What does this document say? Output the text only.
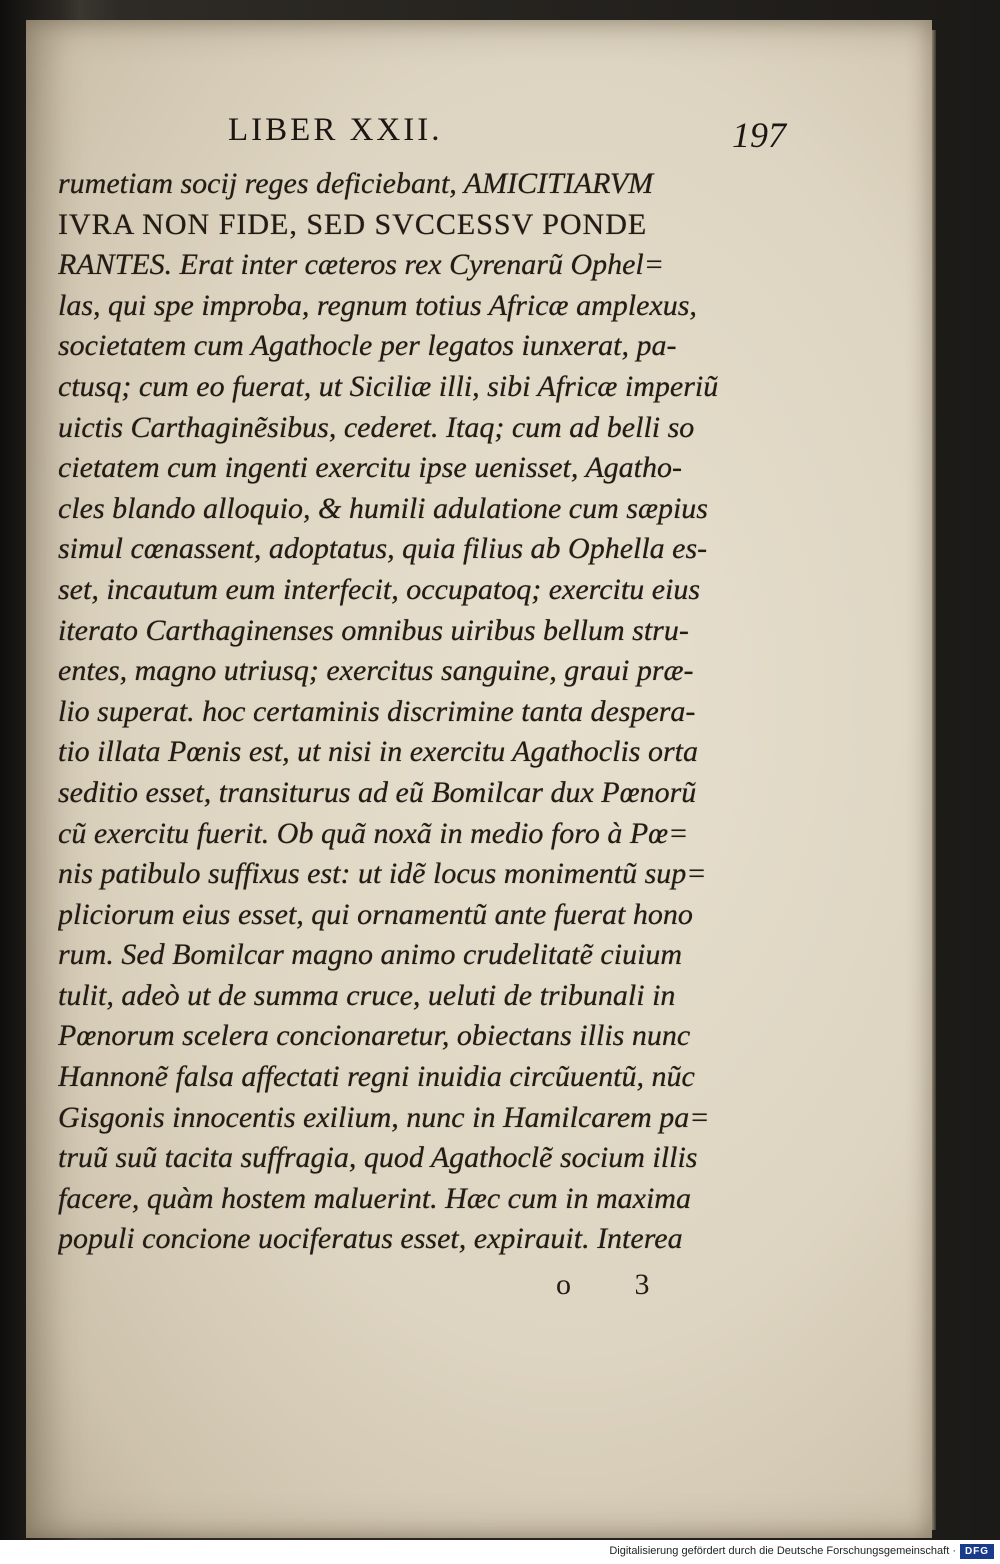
LIBER XXII.	197
rumetiam socij reges deficiebant, AMICITIARVM
IVRA NON FIDE, SED SVCCESSV PONDE
RANTES. Erat inter cæteros rex Cyrenarũ Ophel=
las, qui spe improba, regnum totius Africæ amplexus,
societatem cum Agathocle per legatos iunxerat, pa-
ctusq; cum eo fuerat, ut Siciliæ illi, sibi Africæ imperiũ
uictis Carthaginẽsibus, cederet. Itaq; cum ad belli so
cietatem cum ingenti exercitu ipse uenisset, Agatho-
cles blando alloquio, & humili adulatione cum sæpius
simul cœnassent, adoptatus, quia filius ab Ophella es-
set, incautum eum interfecit, occupatoq; exercitu eius
iterato Carthaginenses omnibus uiribus bellum stru-
entes, magno utriusq; exercitus sanguine, graui præ-
lio superat. hoc certaminis discrimine tanta despera-
tio illata Pœnis est, ut nisi in exercitu Agathoclis orta
seditio esset, transiturus ad eũ Bomilcar dux Pœnorũ
cũ exercitu fuerit. Ob quã noxã in medio foro à Pœ=
nis patibulo suffixus est: ut idẽ locus monimentũ sup=
pliciorum eius esset, qui ornamentũ ante fuerat hono
rum. Sed Bomilcar magno animo crudelitatẽ ciuium
tulit, adeò ut de summa cruce, ueluti de tribunali in
Pœnorum scelera concionaretur, obiectans illis nunc
Hannonẽ falsa affectati regni inuidia circũuentũ, nũc
Gisgonis innocentis exilium, nunc in Hamilcarem pa=
truũ suũ tacita suffragia, quod Agathoclẽ socium illis
facere, quàm hostem maluerint. Hæc cum in maxima
populi concione uociferatus esset, expirauit. Interea
o 3
Digitalisierung gefördert durch die Deutsche Forschungsgemeinschaft · DFG
